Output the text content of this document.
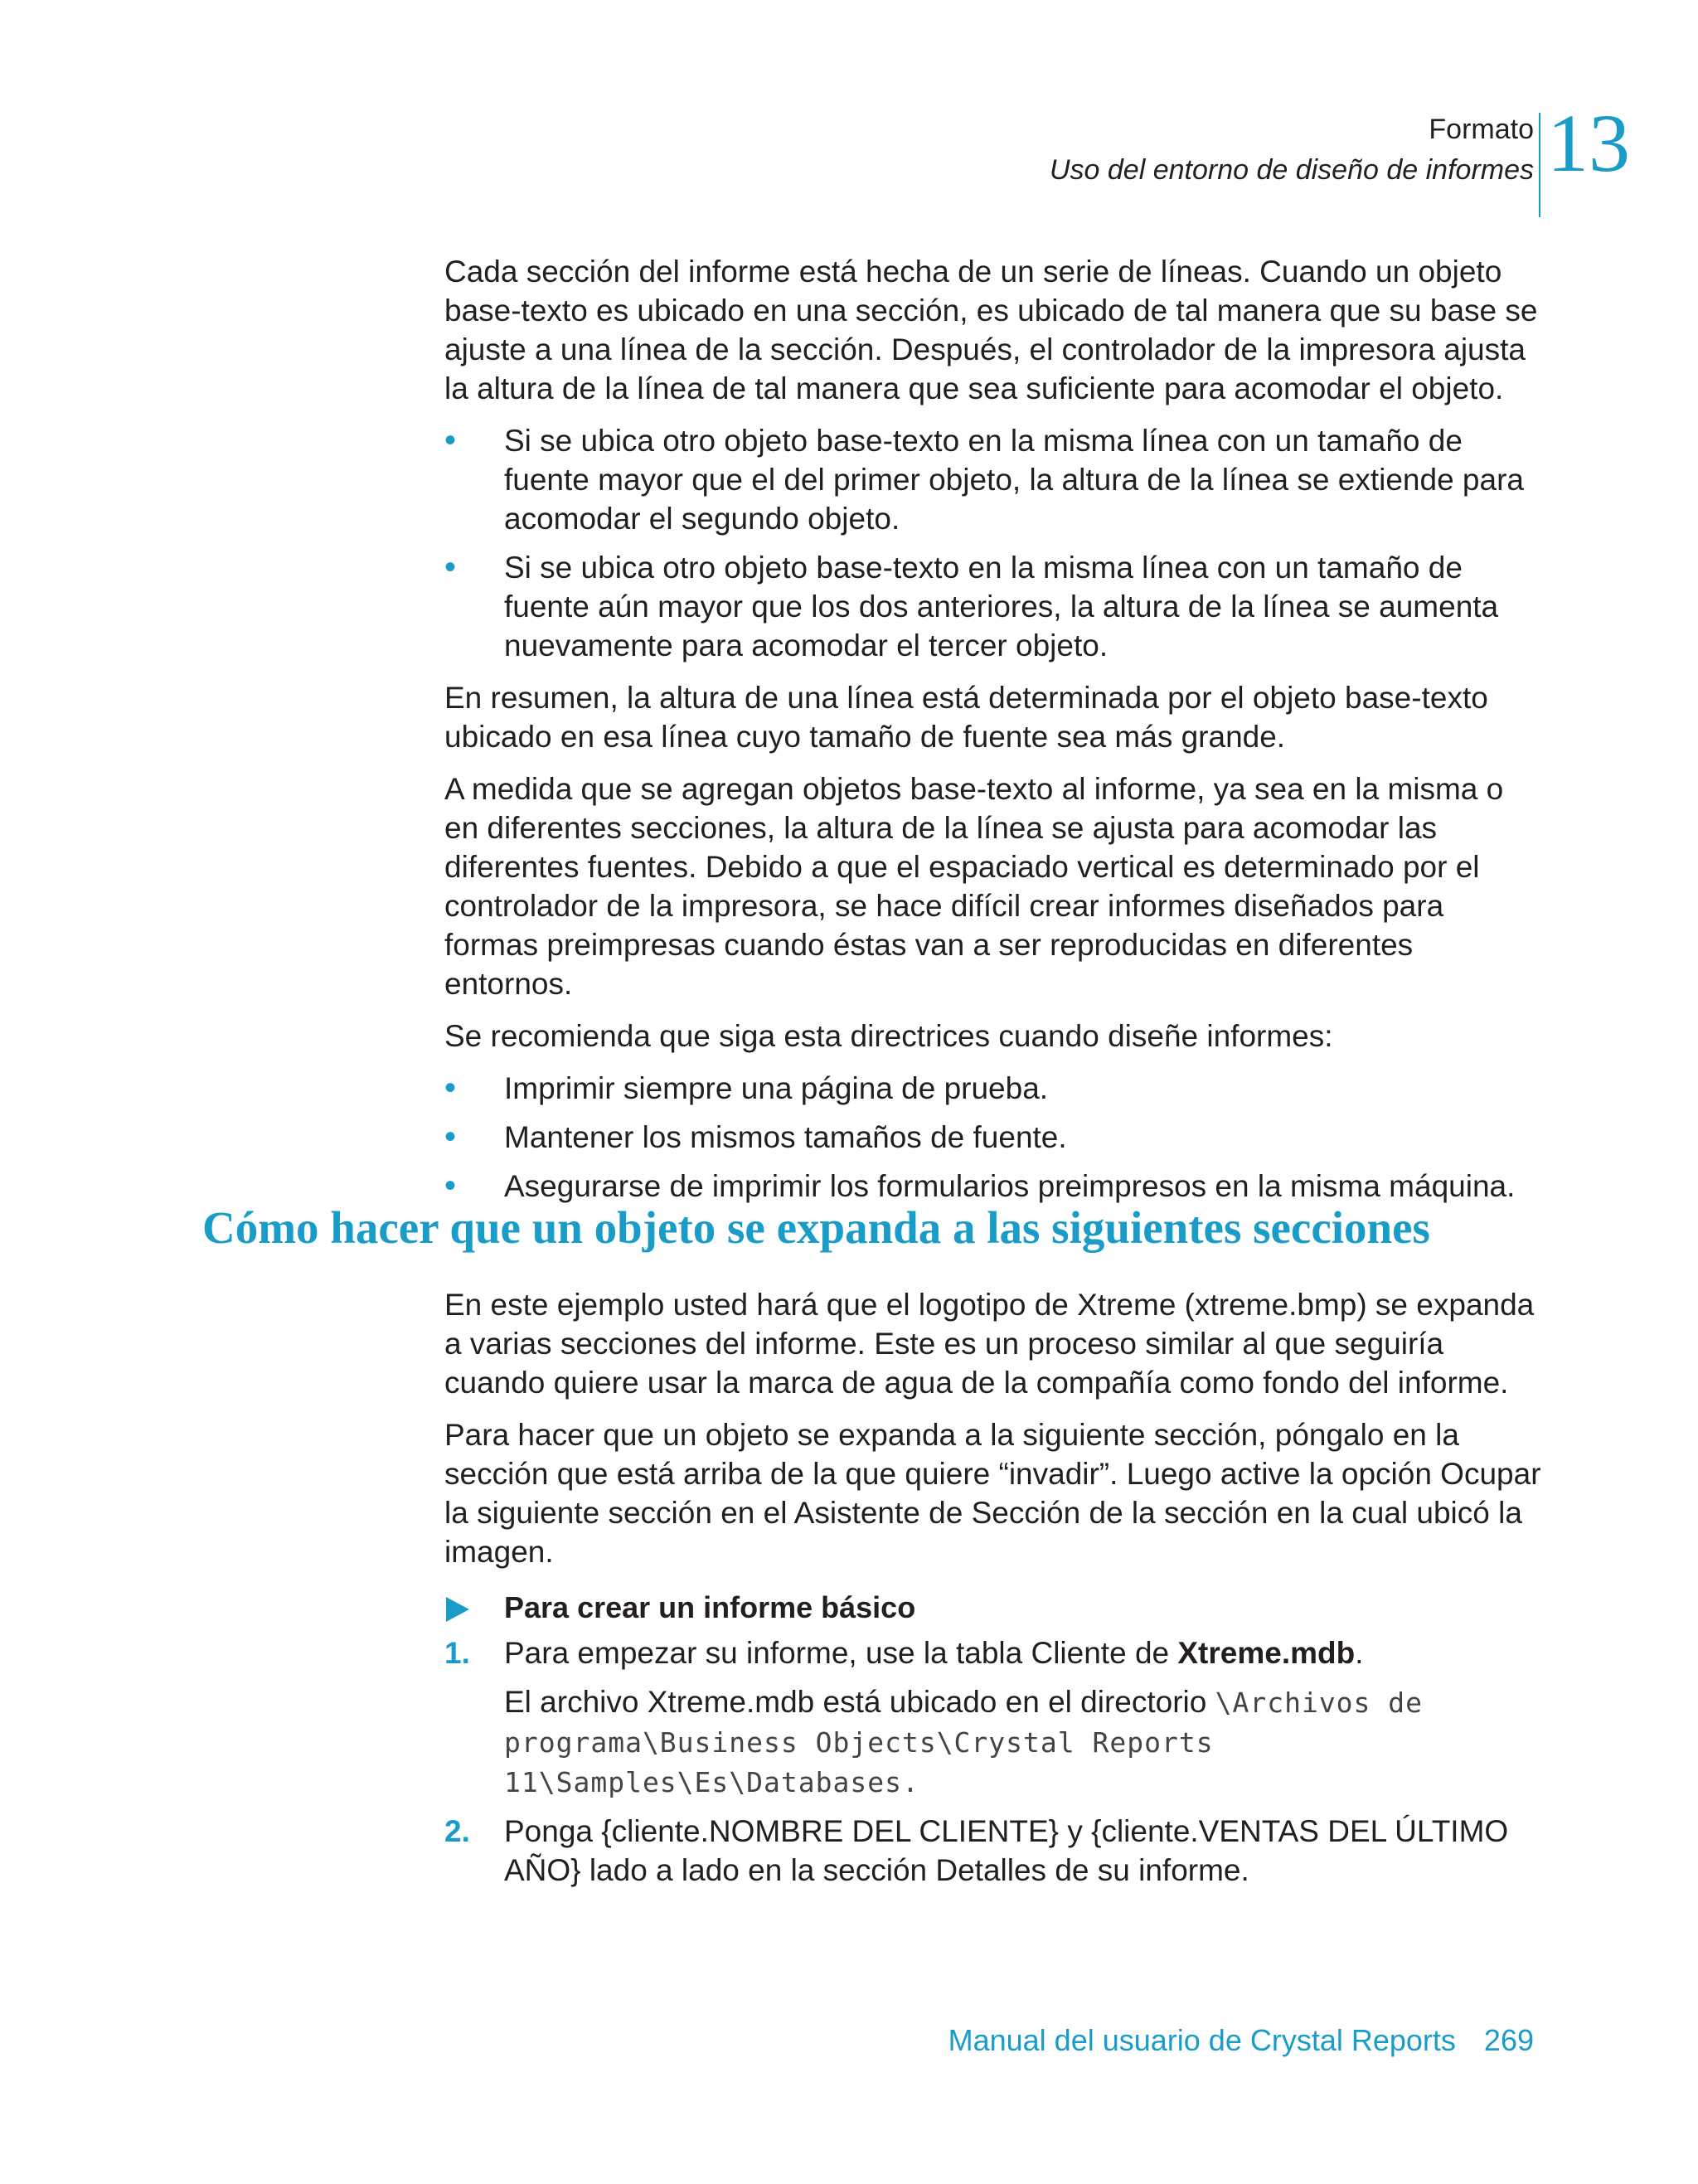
Formato
Uso del entorno de diseño de informes 13

Cada sección del informe está hecha de un serie de líneas. Cuando un objeto base-texto es ubicado en una sección, es ubicado de tal manera que su base se ajuste a una línea de la sección. Después, el controlador de la impresora ajusta la altura de la línea de tal manera que sea suficiente para acomodar el objeto.

• Si se ubica otro objeto base-texto en la misma línea con un tamaño de fuente mayor que el del primer objeto, la altura de la línea se extiende para acomodar el segundo objeto.
• Si se ubica otro objeto base-texto en la misma línea con un tamaño de fuente aún mayor que los dos anteriores, la altura de la línea se aumenta nuevamente para acomodar el tercer objeto.

En resumen, la altura de una línea está determinada por el objeto base-texto ubicado en esa línea cuyo tamaño de fuente sea más grande.

A medida que se agregan objetos base-texto al informe, ya sea en la misma o en diferentes secciones, la altura de la línea se ajusta para acomodar las diferentes fuentes. Debido a que el espaciado vertical es determinado por el controlador de la impresora, se hace difícil crear informes diseñados para formas preimpresas cuando éstas van a ser reproducidas en diferentes entornos.

Se recomienda que siga esta directrices cuando diseñe informes:

• Imprimir siempre una página de prueba.
• Mantener los mismos tamaños de fuente.
• Asegurarse de imprimir los formularios preimpresos en la misma máquina.
Cómo hacer que un objeto se expanda a las siguientes secciones

En este ejemplo usted hará que el logotipo de Xtreme (xtreme.bmp) se expanda a varias secciones del informe. Este es un proceso similar al que seguiría cuando quiere usar la marca de agua de la compañía como fondo del informe.

Para hacer que un objeto se expanda a la siguiente sección, póngalo en la sección que está arriba de la que quiere “invadir”. Luego active la opción Ocupar la siguiente sección en el Asistente de Sección de la sección en la cual ubicó la imagen.

Para crear un informe básico
1. Para empezar su informe, use la tabla Cliente de Xtreme.mdb.
El archivo Xtreme.mdb está ubicado en el directorio \Archivos de programa\Business Objects\Crystal Reports 11\Samples\Es\Databases.
2. Ponga {cliente.NOMBRE DEL CLIENTE} y {cliente.VENTAS DEL ÚLTIMO AÑO} lado a lado en la sección Detalles de su informe.
Manual del usuario de Crystal Reports 269
